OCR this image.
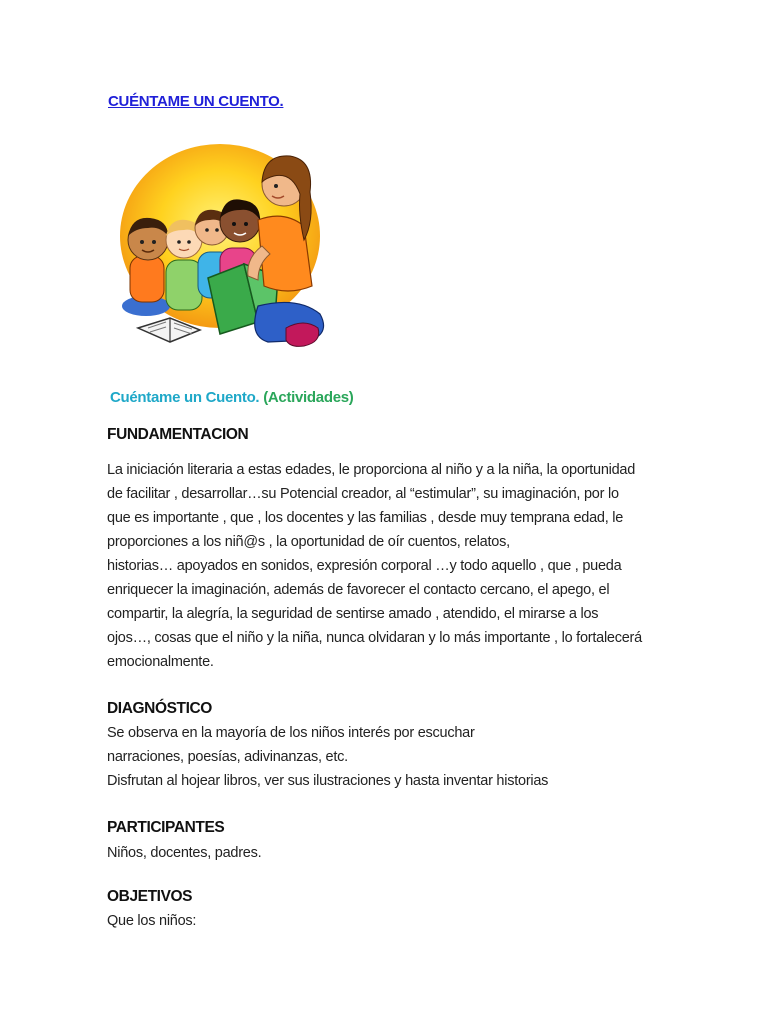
CUÉNTAME UN CUENTO.
Cuéntame un Cuento. (Actividades)
FUNDAMENTACION
La iniciación literaria a estas edades, le proporciona al niño y a la niña, la oportunidad
de facilitar , desarrollar…su Potencial creador, al “estimular”, su imaginación, por lo
que es importante , que , los docentes y las familias , desde muy temprana edad, le
proporciones a los niñ@s , la oportunidad de oír cuentos, relatos,
historias… apoyados en sonidos, expresión corporal …y todo aquello , que , pueda
enriquecer la imaginación, además de favorecer el contacto cercano, el apego, el
compartir, la alegría, la seguridad de sentirse amado , atendido, el mirarse a los
ojos…, cosas que el niño y la niña, nunca olvidaran y lo más importante , lo fortalecerá
emocionalmente.
DIAGNÓSTICO
Se observa en la mayoría de los niños interés por escuchar
narraciones, poesías, adivinanzas, etc.
Disfrutan al hojear libros, ver sus ilustraciones y hasta inventar historias
PARTICIPANTES
Niños, docentes, padres.
OBJETIVOS
Que los niños:
